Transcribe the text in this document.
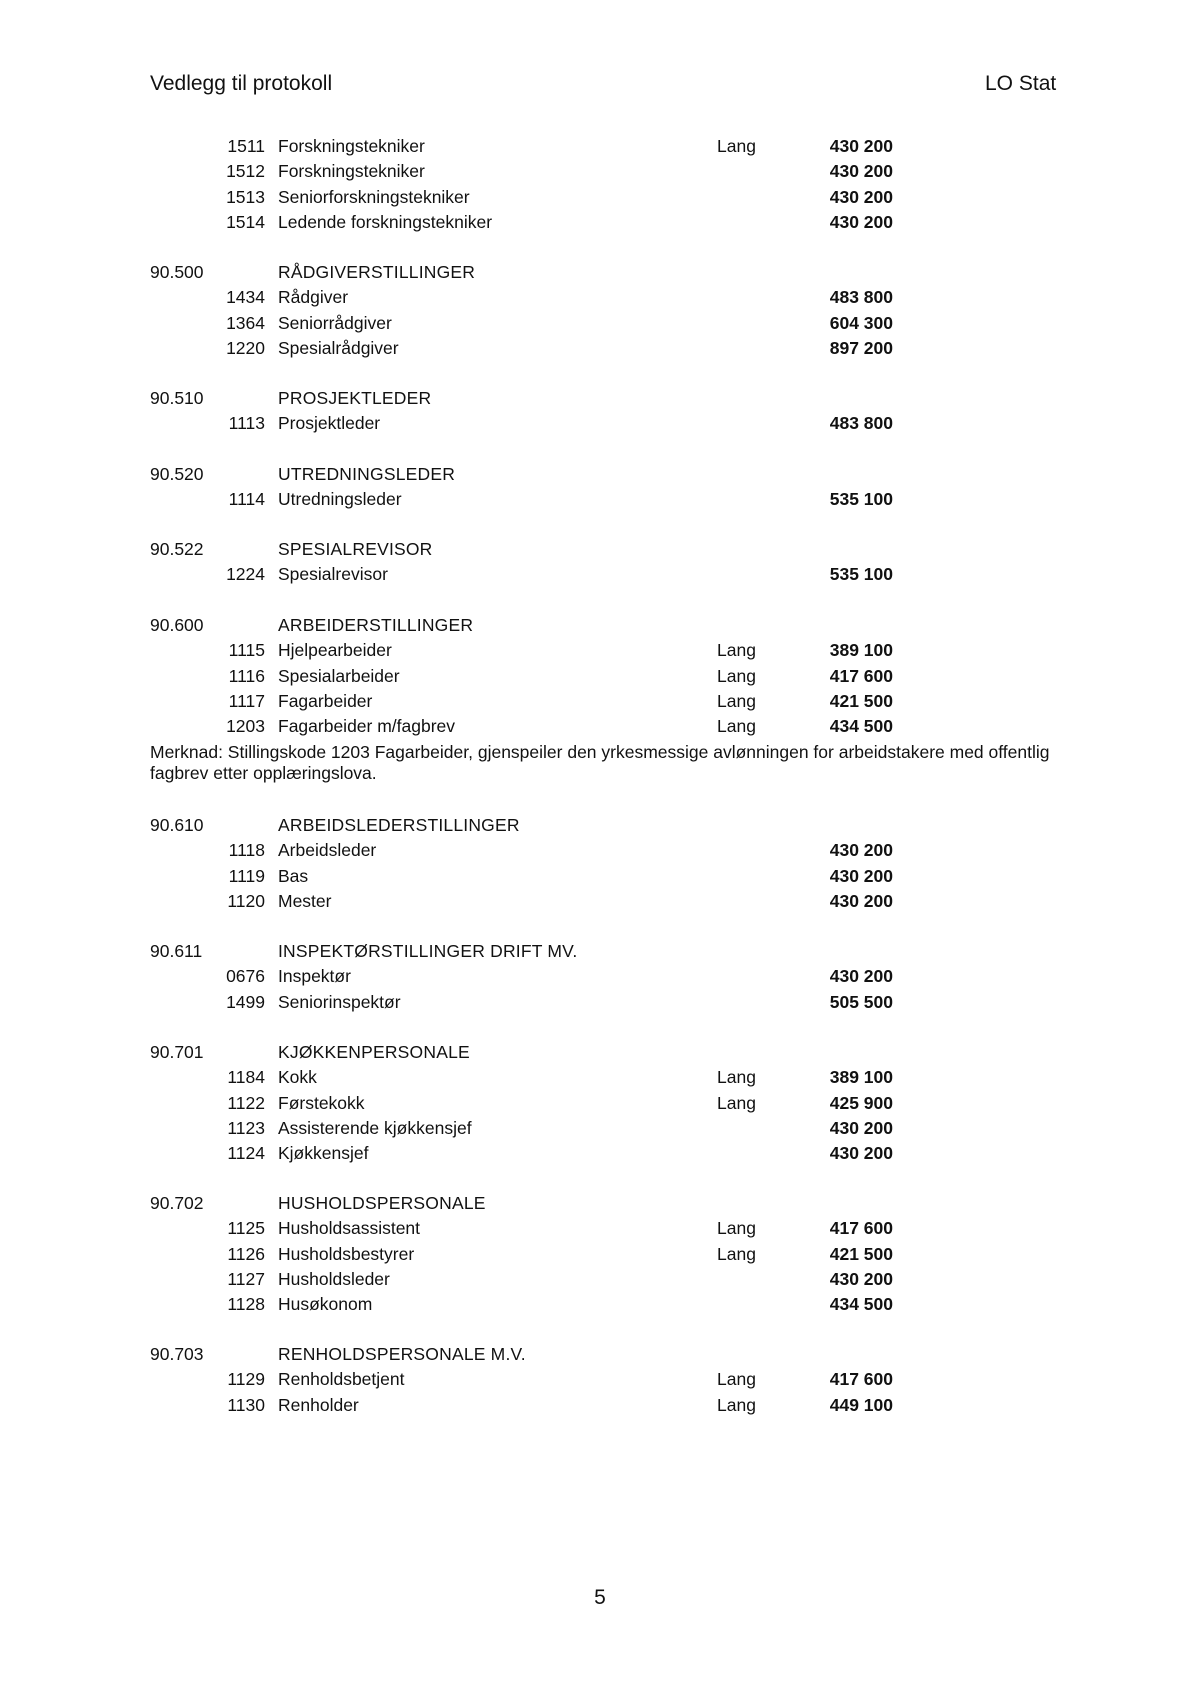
Vedlegg til protokoll	LO Stat
1511 Forskningstekniker	Lang	430 200
1512 Forskningstekniker	430 200
1513 Seniorforskningstekniker	430 200
1514 Ledende forskningstekniker	430 200
90.500	RÅDGIVERSTILLINGER
1434 Rådgiver	483 800
1364 Seniorrådgiver	604 300
1220 Spesialrådgiver	897 200
90.510	PROSJEKTLEDER
1113 Prosjektleder	483 800
90.520	UTREDNINGSLEDER
1114 Utredningsleder	535 100
90.522	SPESIALREVISOR
1224 Spesialrevisor	535 100
90.600	ARBEIDERSTILLINGER
1115 Hjelpearbeider	Lang	389 100
1116 Spesialarbeider	Lang	417 600
1117 Fagarbeider	Lang	421 500
1203 Fagarbeider m/fagbrev	Lang	434 500
Merknad: Stillingskode 1203 Fagarbeider, gjenspeiler den yrkesmessige avlønningen for arbeidstakere med offentlig fagbrev etter opplæringslova.
90.610	ARBEIDSLEDERSTILLINGER
1118 Arbeidsleder	430 200
1119 Bas	430 200
1120 Mester	430 200
90.611	INSPEKTØRSTILLINGER DRIFT MV.
0676 Inspektør	430 200
1499 Seniorinspektør	505 500
90.701	KJØKKENPERSONALE
1184 Kokk	Lang	389 100
1122 Førstekokk	Lang	425 900
1123 Assisterende kjøkkensjef	430 200
1124 Kjøkkensjef	430 200
90.702	HUSHOLDSPERSONALE
1125 Husholdsassistent	Lang	417 600
1126 Husholdsbestyrer	Lang	421 500
1127 Husholdsleder	430 200
1128 Husøkonom	434 500
90.703	RENHOLDSPERSONALE M.V.
1129 Renholdsbetjent	Lang	417 600
1130 Renholder	Lang	449 100
5
